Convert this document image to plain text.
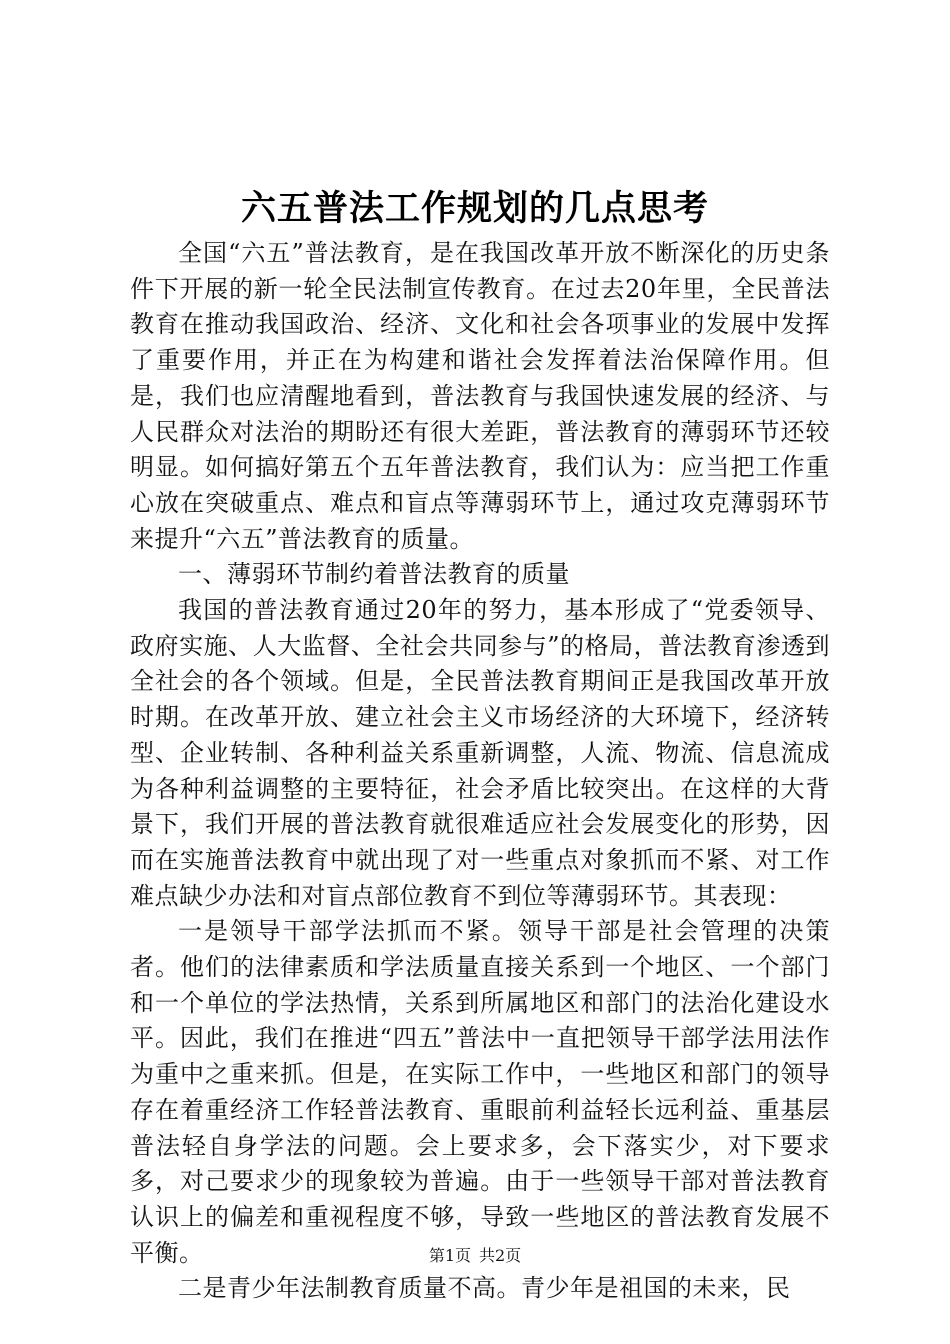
六五普法工作规划的几点思考

全国“六五”普法教育，是在我国改革开放不断深化的历史条件下开展的新一轮全民法制宣传教育。在过去20年里，全民普法教育在推动我国政治、经济、文化和社会各项事业的发展中发挥了重要作用，并正在为构建和谐社会发挥着法治保障作用。但是，我们也应清醒地看到，普法教育与我国快速发展的经济、与人民群众对法治的期盼还有很大差距，普法教育的薄弱环节还较明显。如何搞好第五个五年普法教育，我们认为：应当把工作重心放在突破重点、难点和盲点等薄弱环节上，通过攻克薄弱环节来提升“六五”普法教育的质量。

一、薄弱环节制约着普法教育的质量

我国的普法教育通过20年的努力，基本形成了“党委领导、政府实施、人大监督、全社会共同参与”的格局，普法教育渗透到全社会的各个领域。但是，全民普法教育期间正是我国改革开放时期。在改革开放、建立社会主义市场经济的大环境下，经济转型、企业转制、各种利益关系重新调整，人流、物流、信息流成为各种利益调整的主要特征，社会矛盾比较突出。在这样的大背景下，我们开展的普法教育就很难适应社会发展变化的形势，因而在实施普法教育中就出现了对一些重点对象抓而不紧、对工作难点缺少办法和对盲点部位教育不到位等薄弱环节。其表现：

一是领导干部学法抓而不紧。领导干部是社会管理的决策者。他们的法律素质和学法质量直接关系到一个地区、一个部门和一个单位的学法热情，关系到所属地区和部门的法治化建设水平。因此，我们在推进“四五”普法中一直把领导干部学法用法作为重中之重来抓。但是，在实际工作中，一些地区和部门的领导存在着重经济工作轻普法教育、重眼前利益轻长远利益、重基层普法轻自身学法的问题。会上要求多，会下落实少，对下要求多，对己要求少的现象较为普遍。由于一些领导干部对普法教育认识上的偏差和重视程度不够，导致一些地区的普法教育发展不平衡。

二是青少年法制教育质量不高。青少年是祖国的未来，民

第1页 共2页
